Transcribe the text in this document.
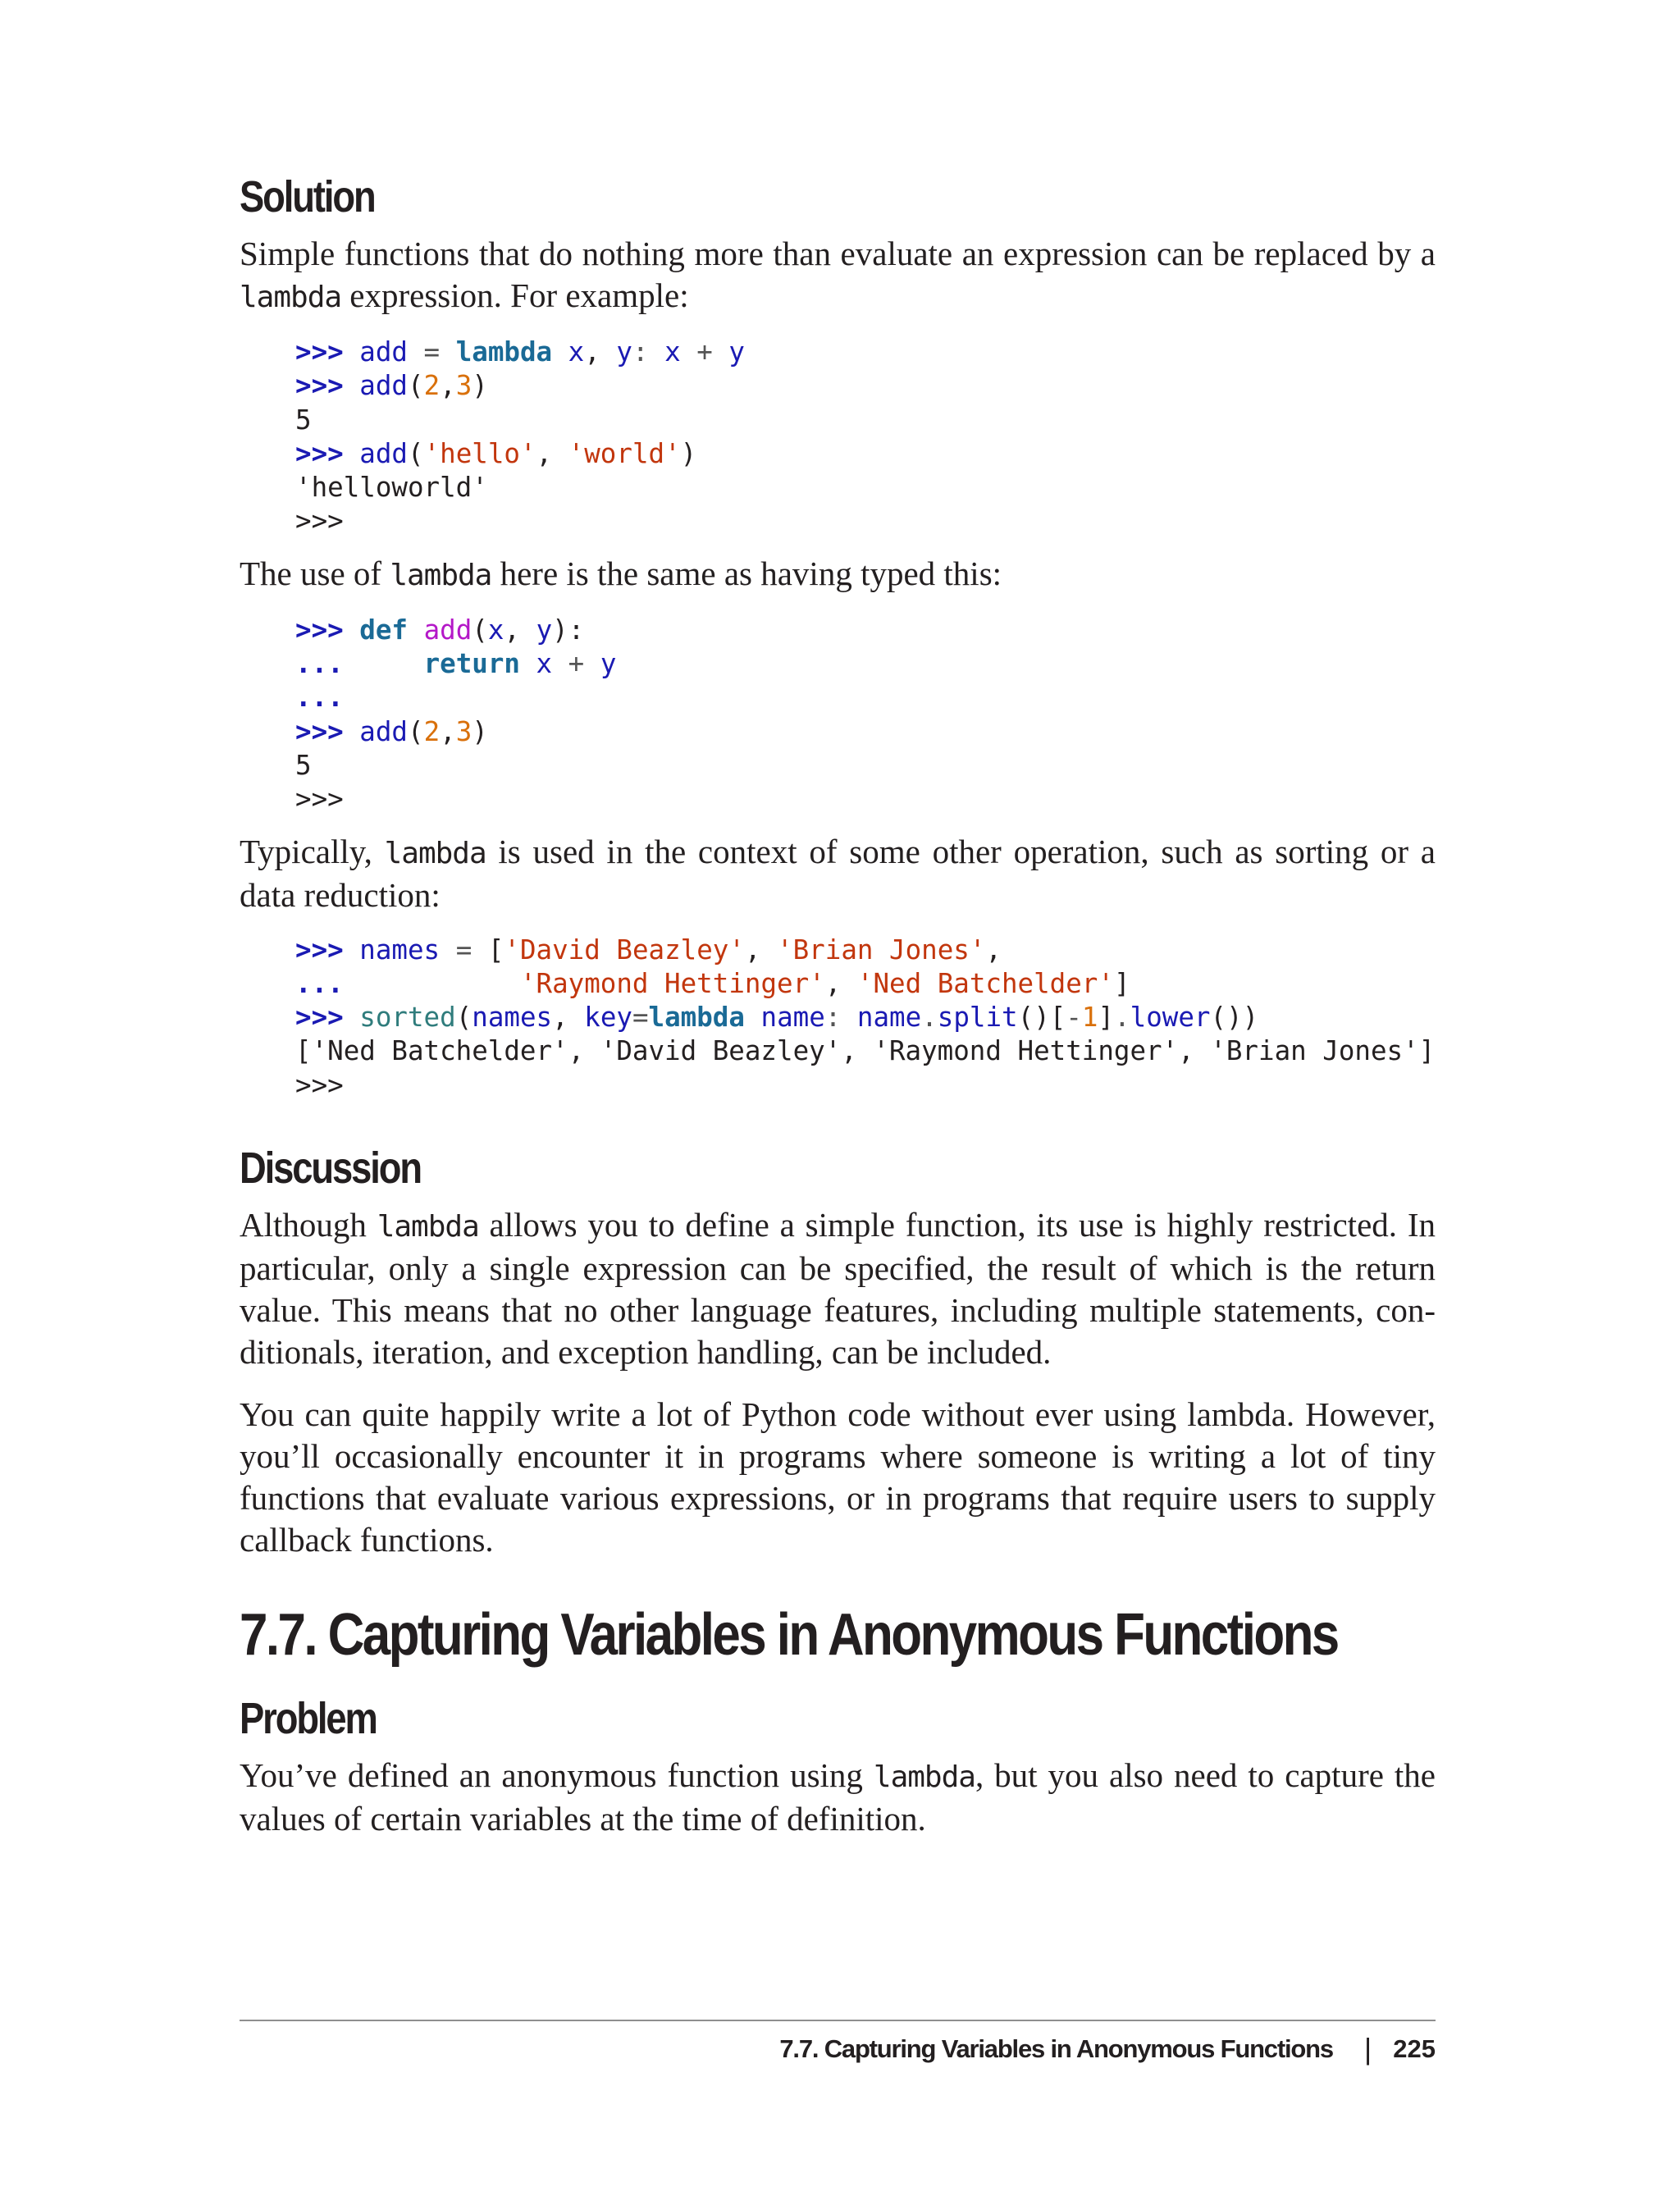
Solution

Simple functions that do nothing more than evaluate an expression can be replaced by a lambda expression. For example:

>>> add = lambda x, y: x + y
>>> add(2,3)
5
>>> add('hello', 'world')
'helloworld'
>>>

The use of lambda here is the same as having typed this:

>>> def add(x, y):
...     return x + y
...
>>> add(2,3)
5
>>>

Typically, lambda is used in the context of some other operation, such as sorting or a data reduction:

>>> names = ['David Beazley', 'Brian Jones',
...	'Raymond Hettinger', 'Ned Batchelder']
>>> sorted(names, key=lambda name: name.split()[-1].lower())
['Ned Batchelder', 'David Beazley', 'Raymond Hettinger', 'Brian Jones']
>>>
Discussion

Although lambda allows you to define a simple function, its use is highly restricted. In particular, only a single expression can be specified, the result of which is the return value. This means that no other language features, including multiple statements, conditionals, iteration, and exception handling, can be included.

You can quite happily write a lot of Python code without ever using lambda. However, you’ll occasionally encounter it in programs where someone is writing a lot of tiny functions that evaluate various expressions, or in programs that require users to supply callback functions.

7.7. Capturing Variables in Anonymous Functions
Problem

You’ve defined an anonymous function using lambda, but you also need to capture the values of certain variables at the time of definition.

7.7. Capturing Variables in Anonymous Functions | 225
